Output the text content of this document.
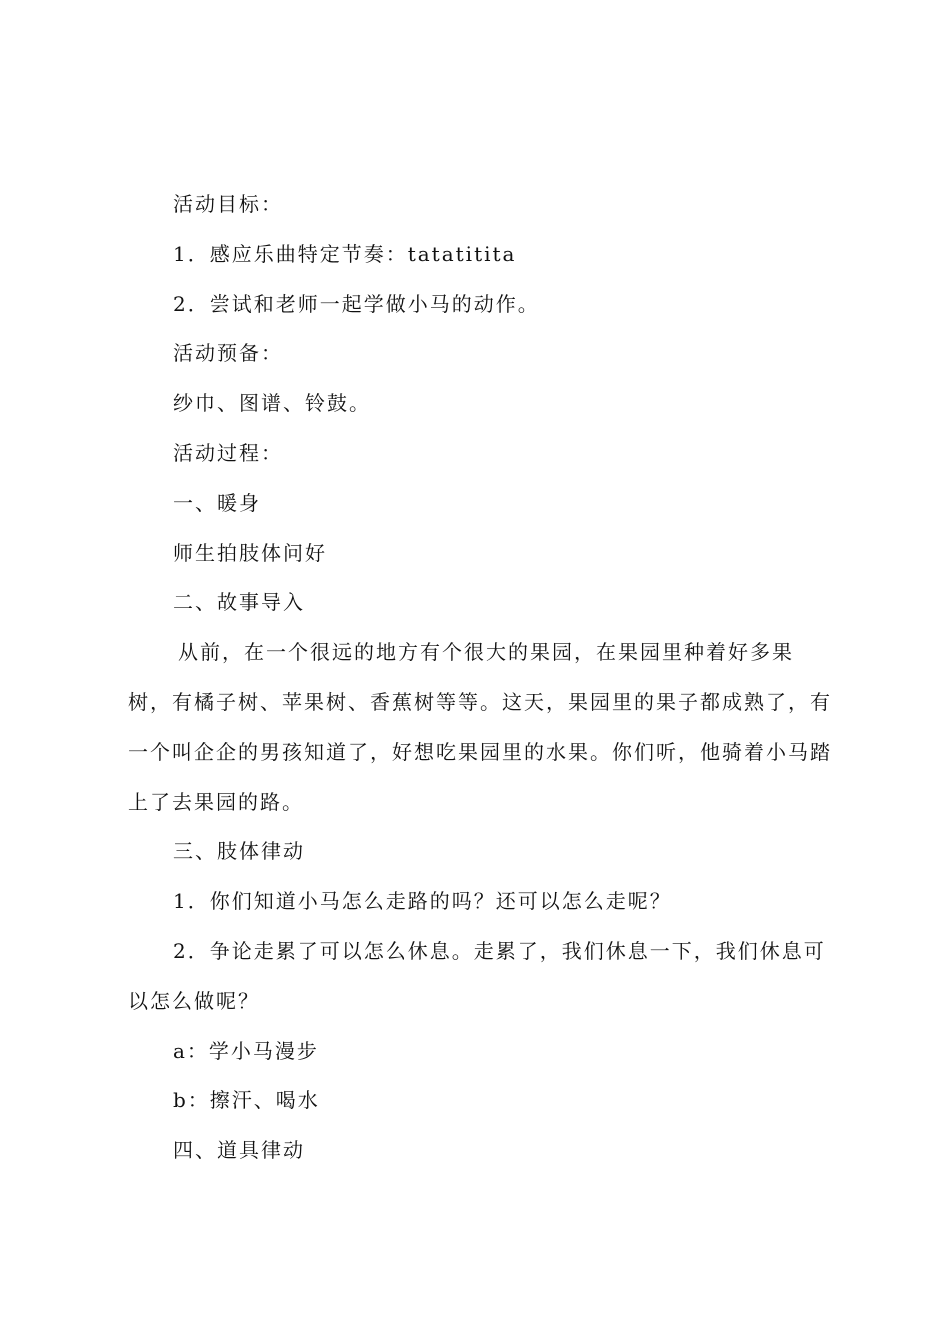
活动目标：

1．感应乐曲特定节奏：tatatitita

2．尝试和老师一起学做小马的动作。

活动预备：

纱巾、图谱、铃鼓。

活动过程：

一、暖身

师生拍肢体问好

二、故事导入

从前，在一个很远的地方有个很大的果园，在果园里种着好多果树，有橘子树、苹果树、香蕉树等等。这天，果园里的果子都成熟了，有一个叫企企的男孩知道了，好想吃果园里的水果。你们听，他骑着小马踏上了去果园的路。

三、肢体律动

1．你们知道小马怎么走路的吗？还可以怎么走呢？

2．争论走累了可以怎么休息。走累了，我们休息一下，我们休息可以怎么做呢？

a：学小马漫步

b：擦汗、喝水

四、道具律动
